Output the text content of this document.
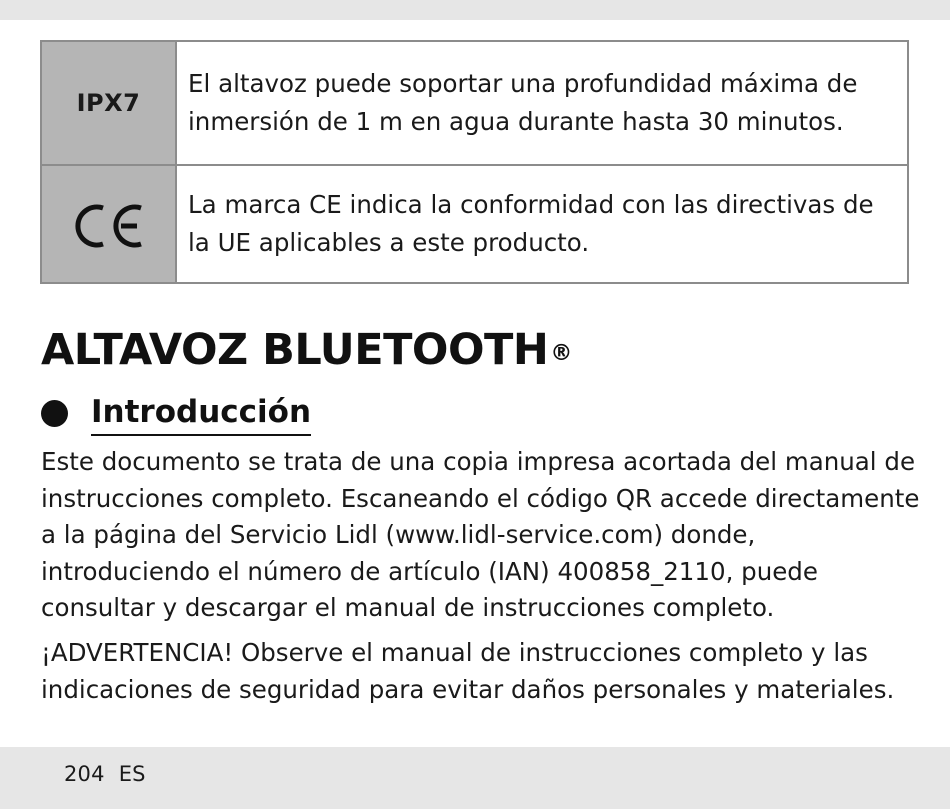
IPX7	El altavoz puede soportar una profundidad máxima de inmersión de 1 m en agua durante hasta 30 minutos.
	La marca CE indica la conformidad con las directivas de la UE aplicables a este producto.
ALTAVOZ BLUETOOTH®
Introducción

Este documento se trata de una copia impresa acortada del manual de instrucciones completo. Escaneando el código QR accede directamente a la página del Servicio Lidl (www.lidl-service.com) donde, introduciendo el número de artículo (IAN) 400858_2110, puede consultar y descargar el manual de instrucciones completo.

¡ADVERTENCIA! Observe el manual de instrucciones completo y las indicaciones de seguridad para evitar daños personales y materiales.

204 ES
